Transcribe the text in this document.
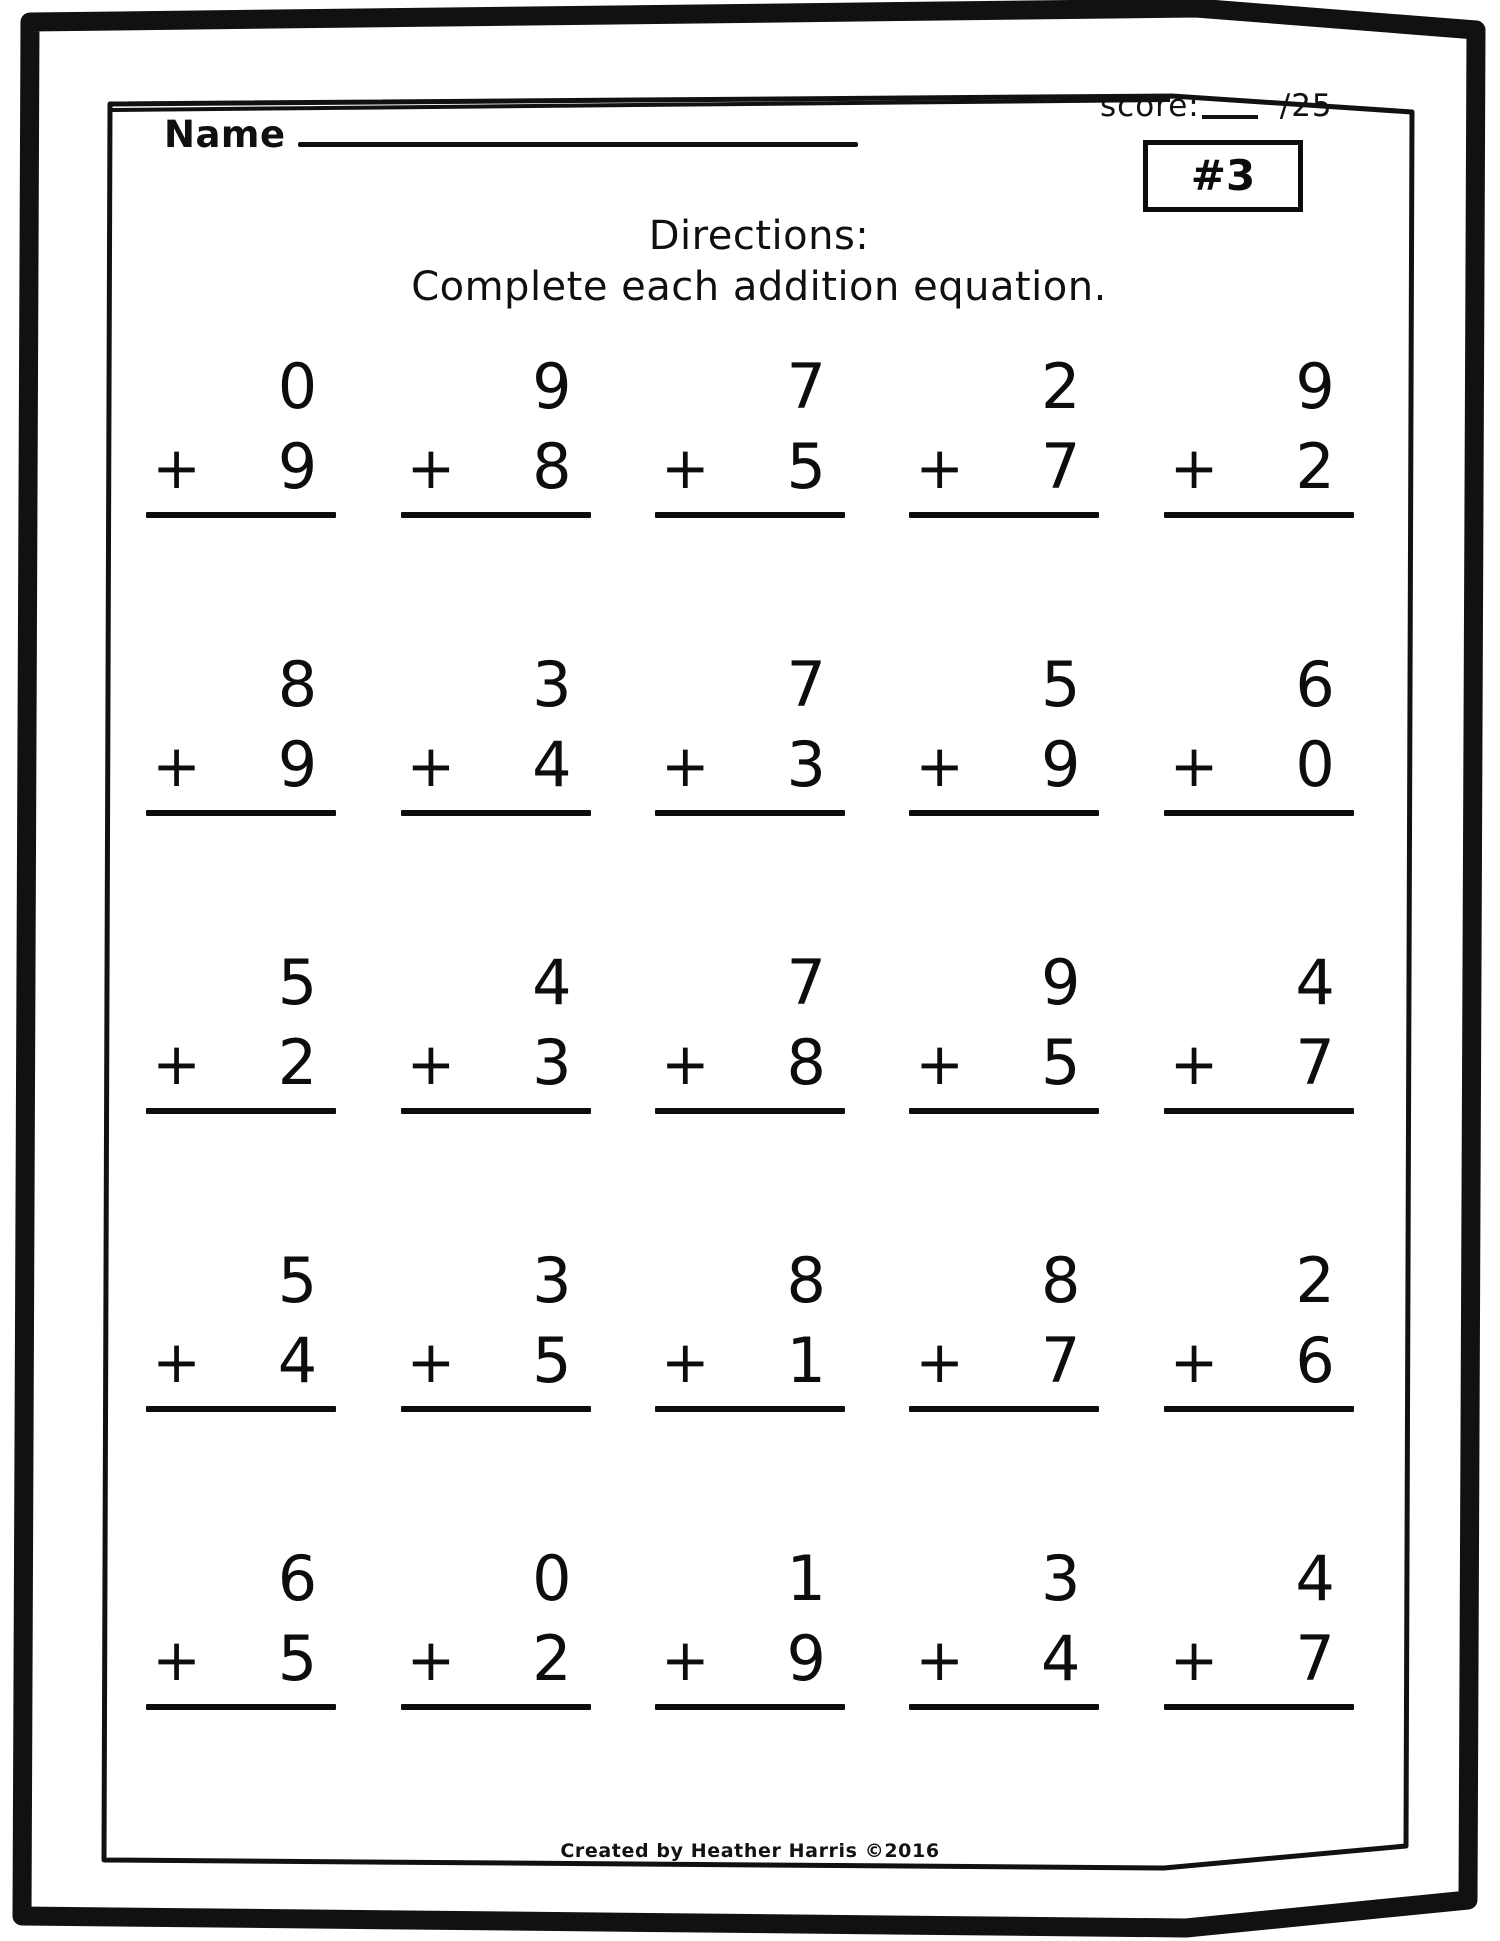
Name
score:	/25
#3
Directions:
Complete each addition equation.
0
+ 9
9
+ 8
7
+ 5
2
+ 7
9
+ 2
8
+ 9
3
+ 4
7
+ 3
5
+ 9
6
+ 0
5
+ 2
4
+ 3
7
+ 8
9
+ 5
4
+ 7
5
+ 4
3
+ 5
8
+ 1
8
+ 7
2
+ 6
6
+ 5
0
+ 2
1
+ 9
3
+ 4
4
+ 7
Created by Heather Harris ©2016
